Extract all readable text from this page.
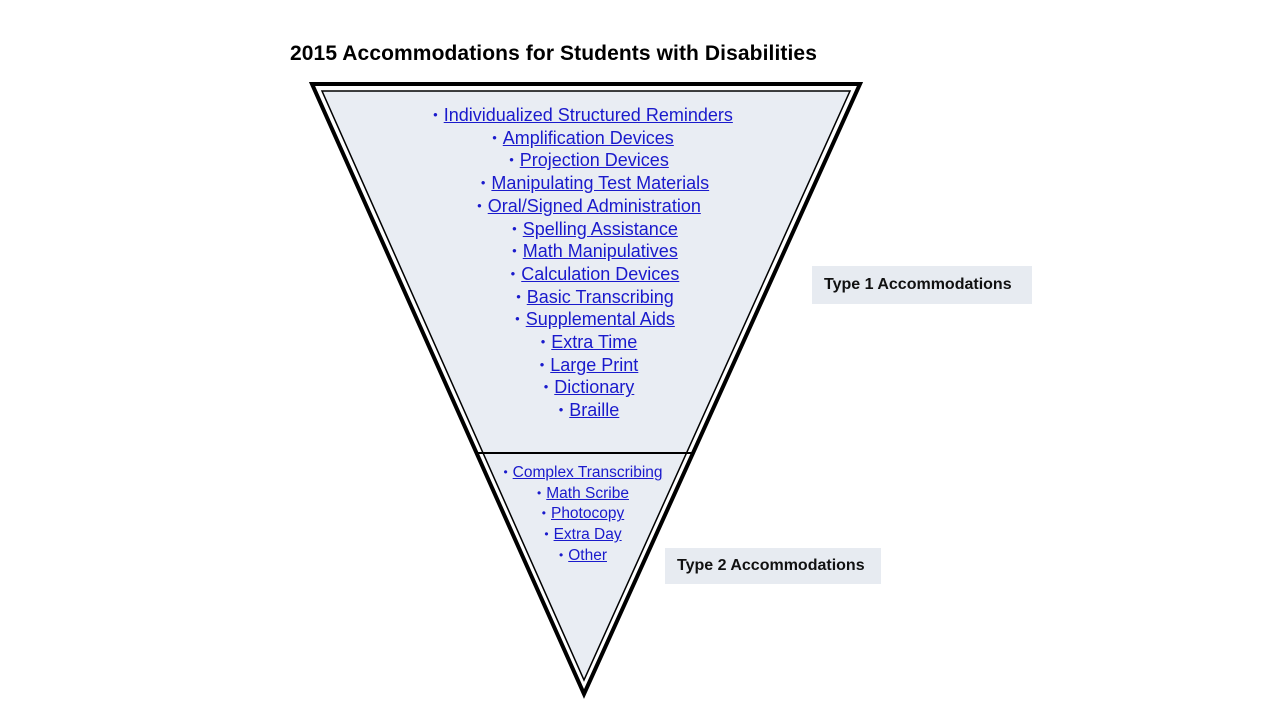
2015 Accommodations for Students with Disabilities
• Individualized Structured Reminders
• Amplification Devices
• Projection Devices
• Manipulating Test Materials
• Oral/Signed Administration
• Spelling Assistance
• Math Manipulatives
• Calculation Devices
• Basic Transcribing
• Supplemental Aids
• Extra Time
• Large Print
• Dictionary
• Braille
• Complex Transcribing
• Math Scribe
• Photocopy
• Extra Day
• Other
Type 1 Accommodations
Type 2 Accommodations
